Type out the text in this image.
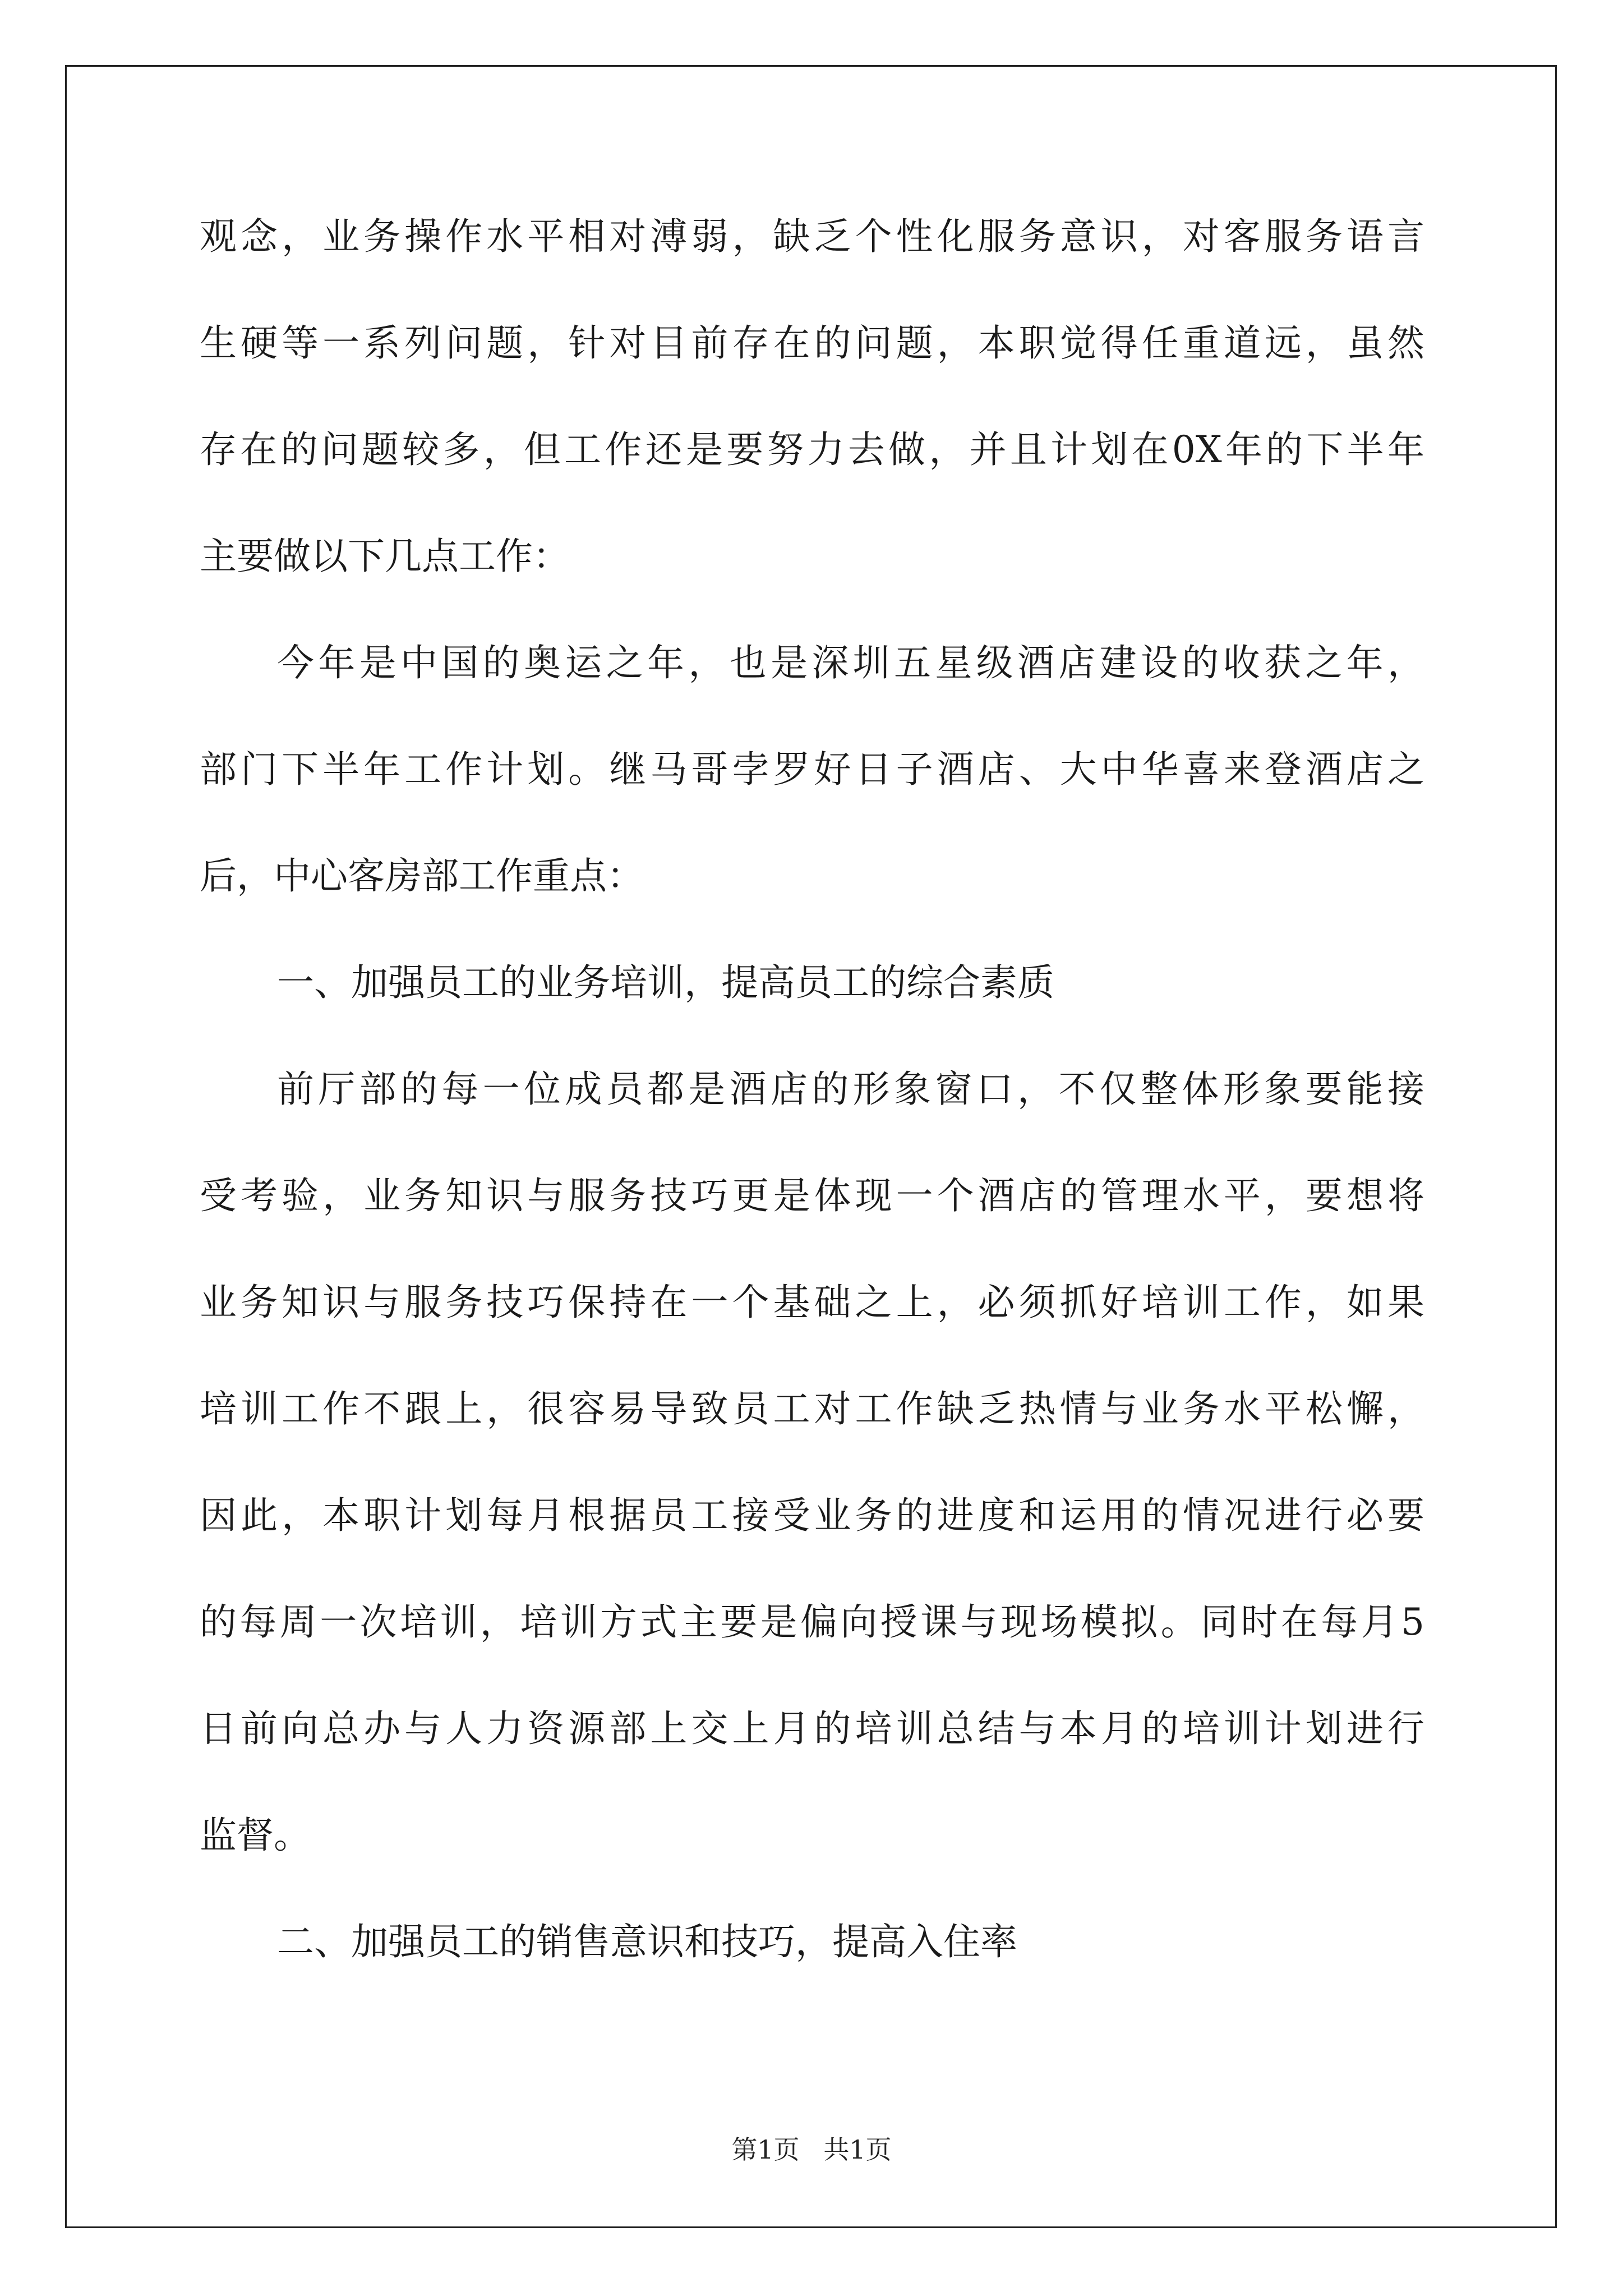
观念，业务操作水平相对溥弱，缺乏个性化服务意识，对客服务语言
生硬等一系列问题，针对目前存在的问题，本职觉得任重道远，虽然
存在的问题较多，但工作还是要努力去做，并且计划在0X年的下半年
主要做以下几点工作：
今年是中国的奥运之年，也是深圳五星级酒店建设的收获之年，
部门下半年工作计划。继马哥孛罗好日子酒店、大中华喜来登酒店之
后，中心客房部工作重点：
一、加强员工的业务培训，提高员工的综合素质
前厅部的每一位成员都是酒店的形象窗口，不仅整体形象要能接
受考验，业务知识与服务技巧更是体现一个酒店的管理水平，要想将
业务知识与服务技巧保持在一个基础之上，必须抓好培训工作，如果
培训工作不跟上，很容易导致员工对工作缺乏热情与业务水平松懈，
因此，本职计划每月根据员工接受业务的进度和运用的情况进行必要
的每周一次培训，培训方式主要是偏向授课与现场模拟。同时在每月5
日前向总办与人力资源部上交上月的培训总结与本月的培训计划进行
监督。
二、加强员工的销售意识和技巧，提高入住率
第1页 共1页
